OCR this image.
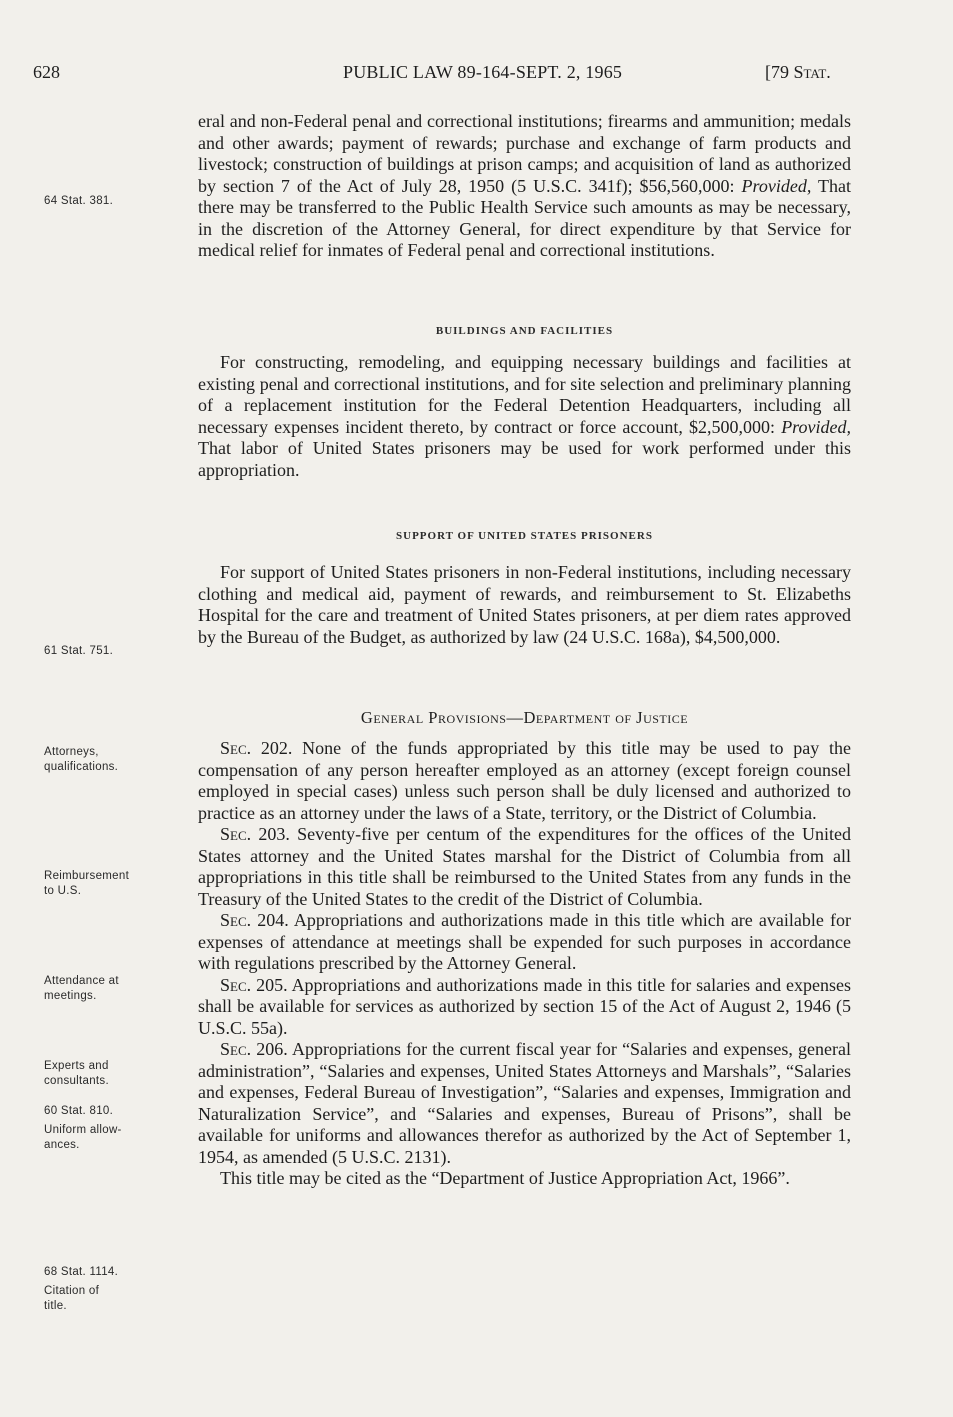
628	PUBLIC LAW 89-164-SEPT. 2, 1965	[79 Stat.
64 Stat. 381.
61 Stat. 751.
Attorneys,
qualifications.
Reimbursement
to U.S.
Attendance at
meetings.
Experts and
consultants.
60 Stat. 810.
Uniform allow-
ances.
68 Stat. 1114.
Citation of
title.

eral and non-Federal penal and correctional institutions; firearms and ammunition; medals and other awards; payment of rewards; purchase and exchange of farm products and livestock; construction of buildings at prison camps; and acquisition of land as authorized by section 7 of the Act of July 28, 1950 (5 U.S.C. 341f); $56,560,000: Provided, That there may be transferred to the Public Health Service such amounts as may be necessary, in the discretion of the Attorney General, for direct expenditure by that Service for medical relief for inmates of Federal penal and correctional institutions.

BUILDINGS AND FACILITIES

For constructing, remodeling, and equipping necessary buildings and facilities at existing penal and correctional institutions, and for site selection and preliminary planning of a replacement institution for the Federal Detention Headquarters, including all necessary expenses incident thereto, by contract or force account, $2,500,000: Provided, That labor of United States prisoners may be used for work performed under this appropriation.

SUPPORT OF UNITED STATES PRISONERS

For support of United States prisoners in non-Federal institutions, including necessary clothing and medical aid, payment of rewards, and reimbursement to St. Elizabeths Hospital for the care and treatment of United States prisoners, at per diem rates approved by the Bureau of the Budget, as authorized by law (24 U.S.C. 168a), $4,500,000.

General Provisions—Department of Justice

Sec. 202. None of the funds appropriated by this title may be used to pay the compensation of any person hereafter employed as an attorney (except foreign counsel employed in special cases) unless such person shall be duly licensed and authorized to practice as an attorney under the laws of a State, territory, or the District of Columbia.

Sec. 203. Seventy-five per centum of the expenditures for the offices of the United States attorney and the United States marshal for the District of Columbia from all appropriations in this title shall be reimbursed to the United States from any funds in the Treasury of the United States to the credit of the District of Columbia.

Sec. 204. Appropriations and authorizations made in this title which are available for expenses of attendance at meetings shall be expended for such purposes in accordance with regulations prescribed by the Attorney General.

Sec. 205. Appropriations and authorizations made in this title for salaries and expenses shall be available for services as authorized by section 15 of the Act of August 2, 1946 (5 U.S.C. 55a).

Sec. 206. Appropriations for the current fiscal year for “Salaries and expenses, general administration”, “Salaries and expenses, United States Attorneys and Marshals”, “Salaries and expenses, Federal Bureau of Investigation”, “Salaries and expenses, Immigration and Naturalization Service”, and “Salaries and expenses, Bureau of Prisons”, shall be available for uniforms and allowances therefor as authorized by the Act of September 1, 1954, as amended (5 U.S.C. 2131).

This title may be cited as the “Department of Justice Appropriation Act, 1966”.
